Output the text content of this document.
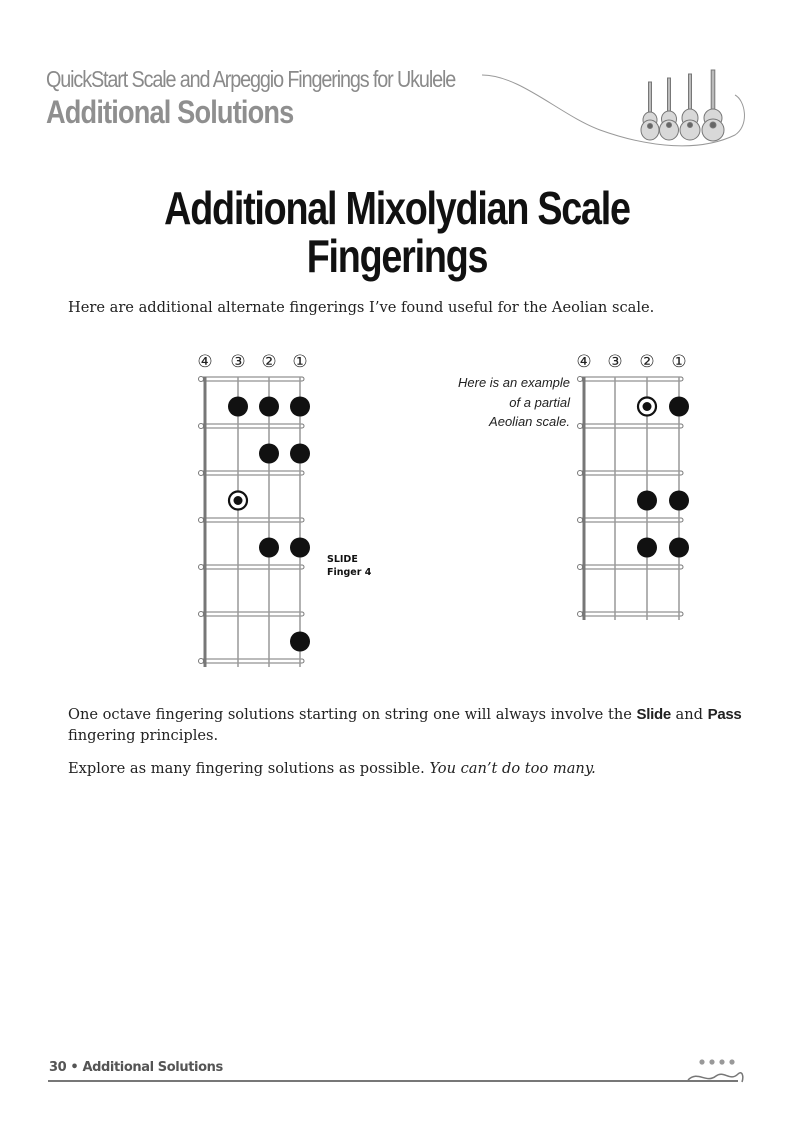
QuickStart Scale and Arpeggio Fingerings for Ukulele
Additional Solutions
Additional Mixolydian Scale
Fingerings
Here are additional alternate fingerings I’ve found useful for the Aeolian scale.
④ ③ ② ①	④ ③ ② ①
Here is an example
of a partial
Aeolian scale.
SLIDE
Finger 4
One octave fingering solutions starting on string one will always involve the Slide and Pass fingering principles.
Explore as many fingering solutions as possible. You can’t do too many.
30 • Additional Solutions
